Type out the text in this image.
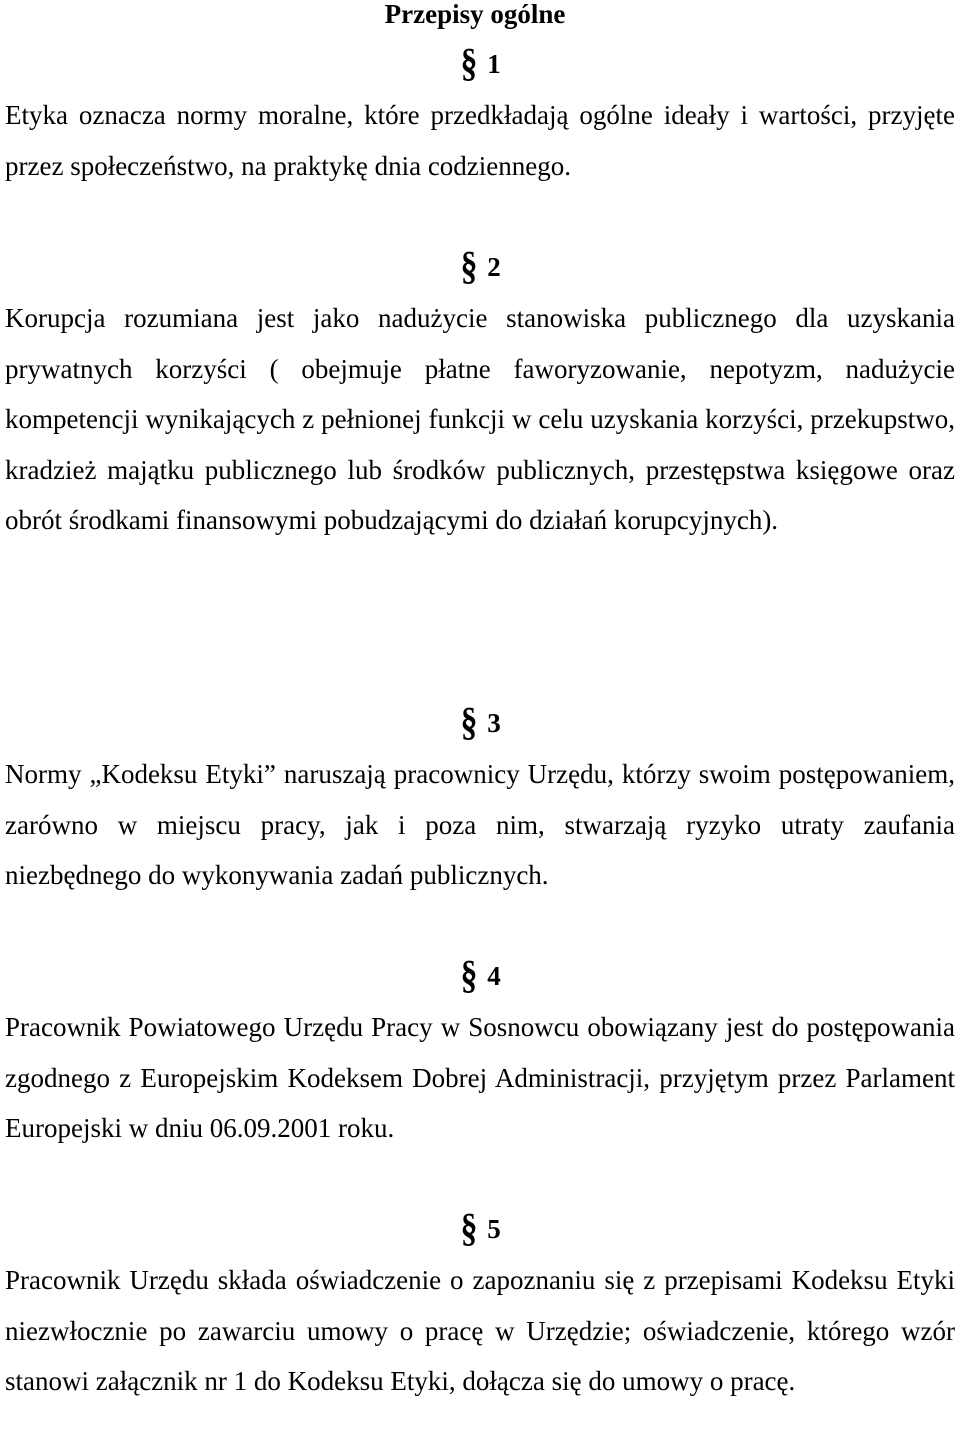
Przepisy ogólne
§ 1

Etyka oznacza normy moralne, które przedkładają ogólne ideały i wartości, przyjęte przez społeczeństwo, na praktykę dnia codziennego.

§ 2

Korupcja rozumiana jest jako nadużycie stanowiska publicznego dla uzyskania prywatnych korzyści ( obejmuje płatne faworyzowanie, nepotyzm, nadużycie kompetencji wynikających z pełnionej funkcji w celu uzyskania korzyści, przekupstwo, kradzież majątku publicznego lub środków publicznych, przestępstwa księgowe oraz obrót środkami finansowymi pobudzającymi do działań korupcyjnych).

§ 3

Normy „Kodeksu Etyki” naruszają pracownicy Urzędu, którzy swoim postępowaniem, zarówno w miejscu pracy, jak i poza nim, stwarzają ryzyko utraty zaufania niezbędnego do wykonywania zadań publicznych.

§ 4

Pracownik Powiatowego Urzędu Pracy w Sosnowcu obowiązany jest do postępowania zgodnego z Europejskim Kodeksem Dobrej Administracji, przyjętym przez Parlament Europejski w dniu 06.09.2001 roku.

§ 5

Pracownik Urzędu składa oświadczenie o zapoznaniu się z przepisami Kodeksu Etyki niezwłocznie po zawarciu umowy o pracę w Urzędzie; oświadczenie, którego wzór stanowi załącznik nr 1 do Kodeksu Etyki, dołącza się do umowy o pracę.
